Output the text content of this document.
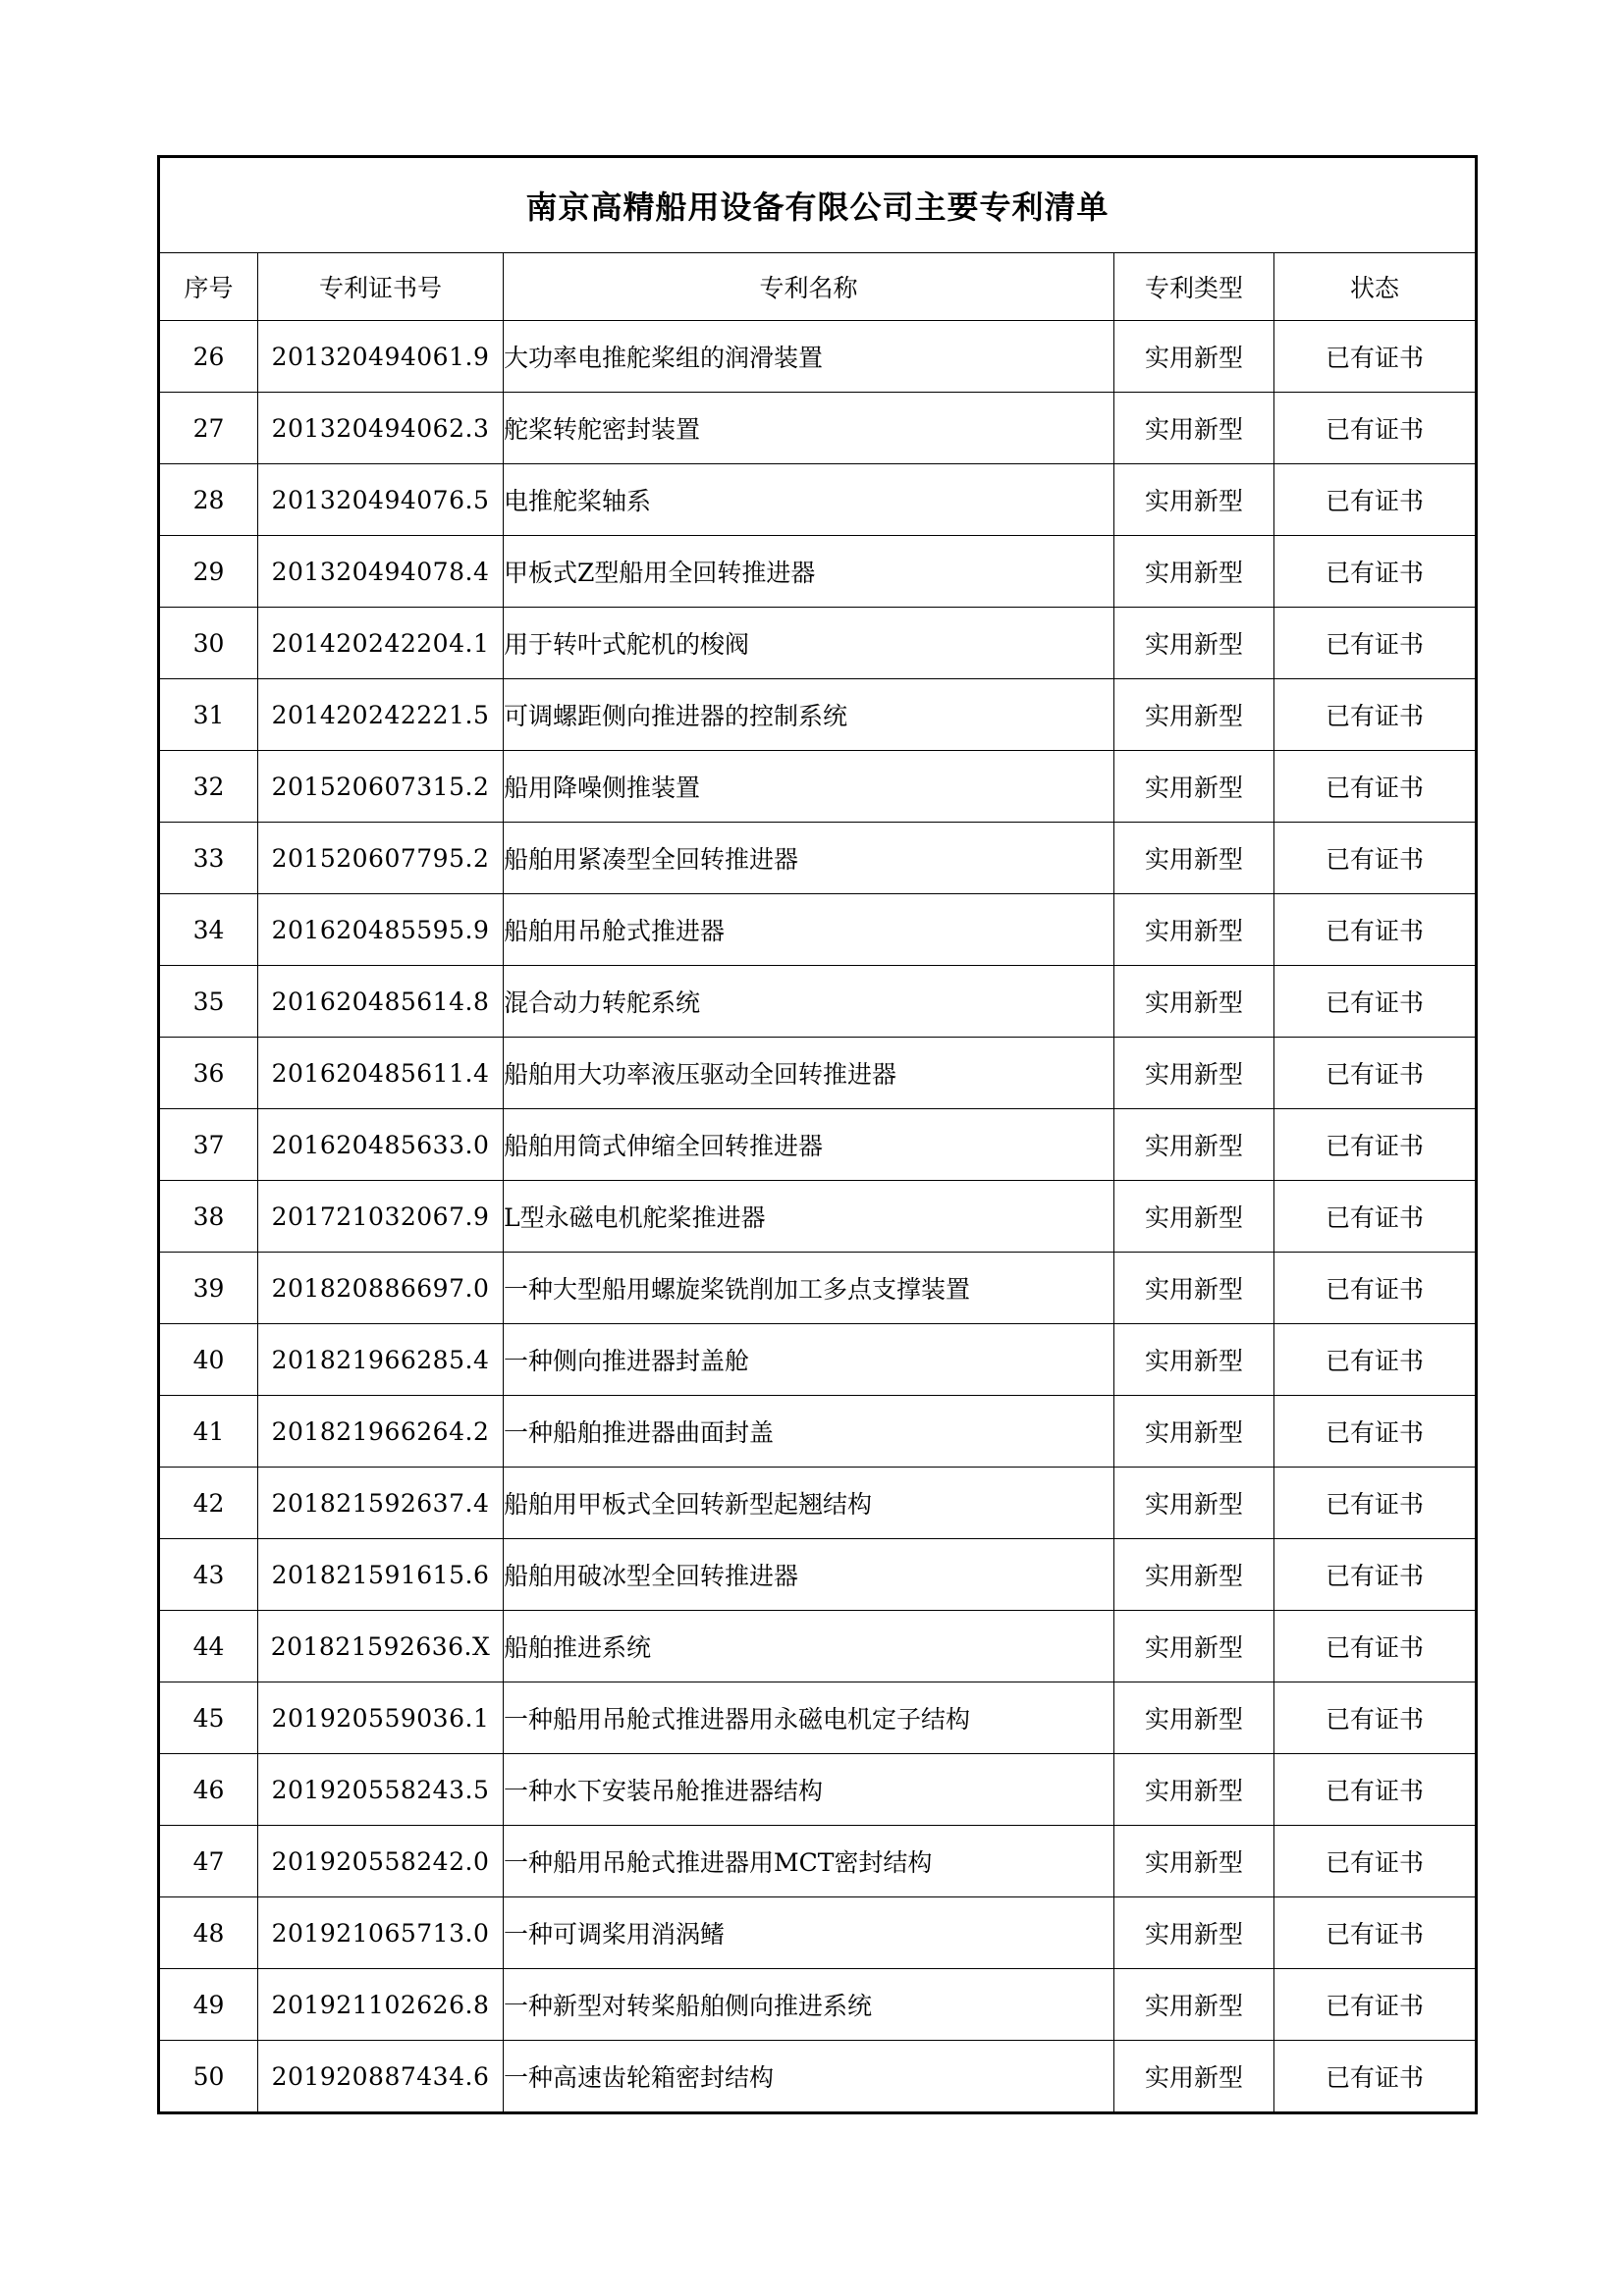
南京高精船用设备有限公司主要专利清单				
序号	专利证书号	专利名称	专利类型	状态
26	201320494061.9	大功率电推舵桨组的润滑装置	实用新型	已有证书
27	201320494062.3	舵桨转舵密封装置	实用新型	已有证书
28	201320494076.5	电推舵桨轴系	实用新型	已有证书
29	201320494078.4	甲板式Z型船用全回转推进器	实用新型	已有证书
30	201420242204.1	用于转叶式舵机的梭阀	实用新型	已有证书
31	201420242221.5	可调螺距侧向推进器的控制系统	实用新型	已有证书
32	201520607315.2	船用降噪侧推装置	实用新型	已有证书
33	201520607795.2	船舶用紧凑型全回转推进器	实用新型	已有证书
34	201620485595.9	船舶用吊舱式推进器	实用新型	已有证书
35	201620485614.8	混合动力转舵系统	实用新型	已有证书
36	201620485611.4	船舶用大功率液压驱动全回转推进器	实用新型	已有证书
37	201620485633.0	船舶用筒式伸缩全回转推进器	实用新型	已有证书
38	201721032067.9	L型永磁电机舵桨推进器	实用新型	已有证书
39	201820886697.0	一种大型船用螺旋桨铣削加工多点支撑装置	实用新型	已有证书
40	201821966285.4	一种侧向推进器封盖舱	实用新型	已有证书
41	201821966264.2	一种船舶推进器曲面封盖	实用新型	已有证书
42	201821592637.4	船舶用甲板式全回转新型起翘结构	实用新型	已有证书
43	201821591615.6	船舶用破冰型全回转推进器	实用新型	已有证书
44	201821592636.X	船舶推进系统	实用新型	已有证书
45	201920559036.1	一种船用吊舱式推进器用永磁电机定子结构	实用新型	已有证书
46	201920558243.5	一种水下安装吊舱推进器结构	实用新型	已有证书
47	201920558242.0	一种船用吊舱式推进器用MCT密封结构	实用新型	已有证书
48	201921065713.0	一种可调桨用消涡鳍	实用新型	已有证书
49	201921102626.8	一种新型对转桨船舶侧向推进系统	实用新型	已有证书
50	201920887434.6	一种高速齿轮箱密封结构	实用新型	已有证书
